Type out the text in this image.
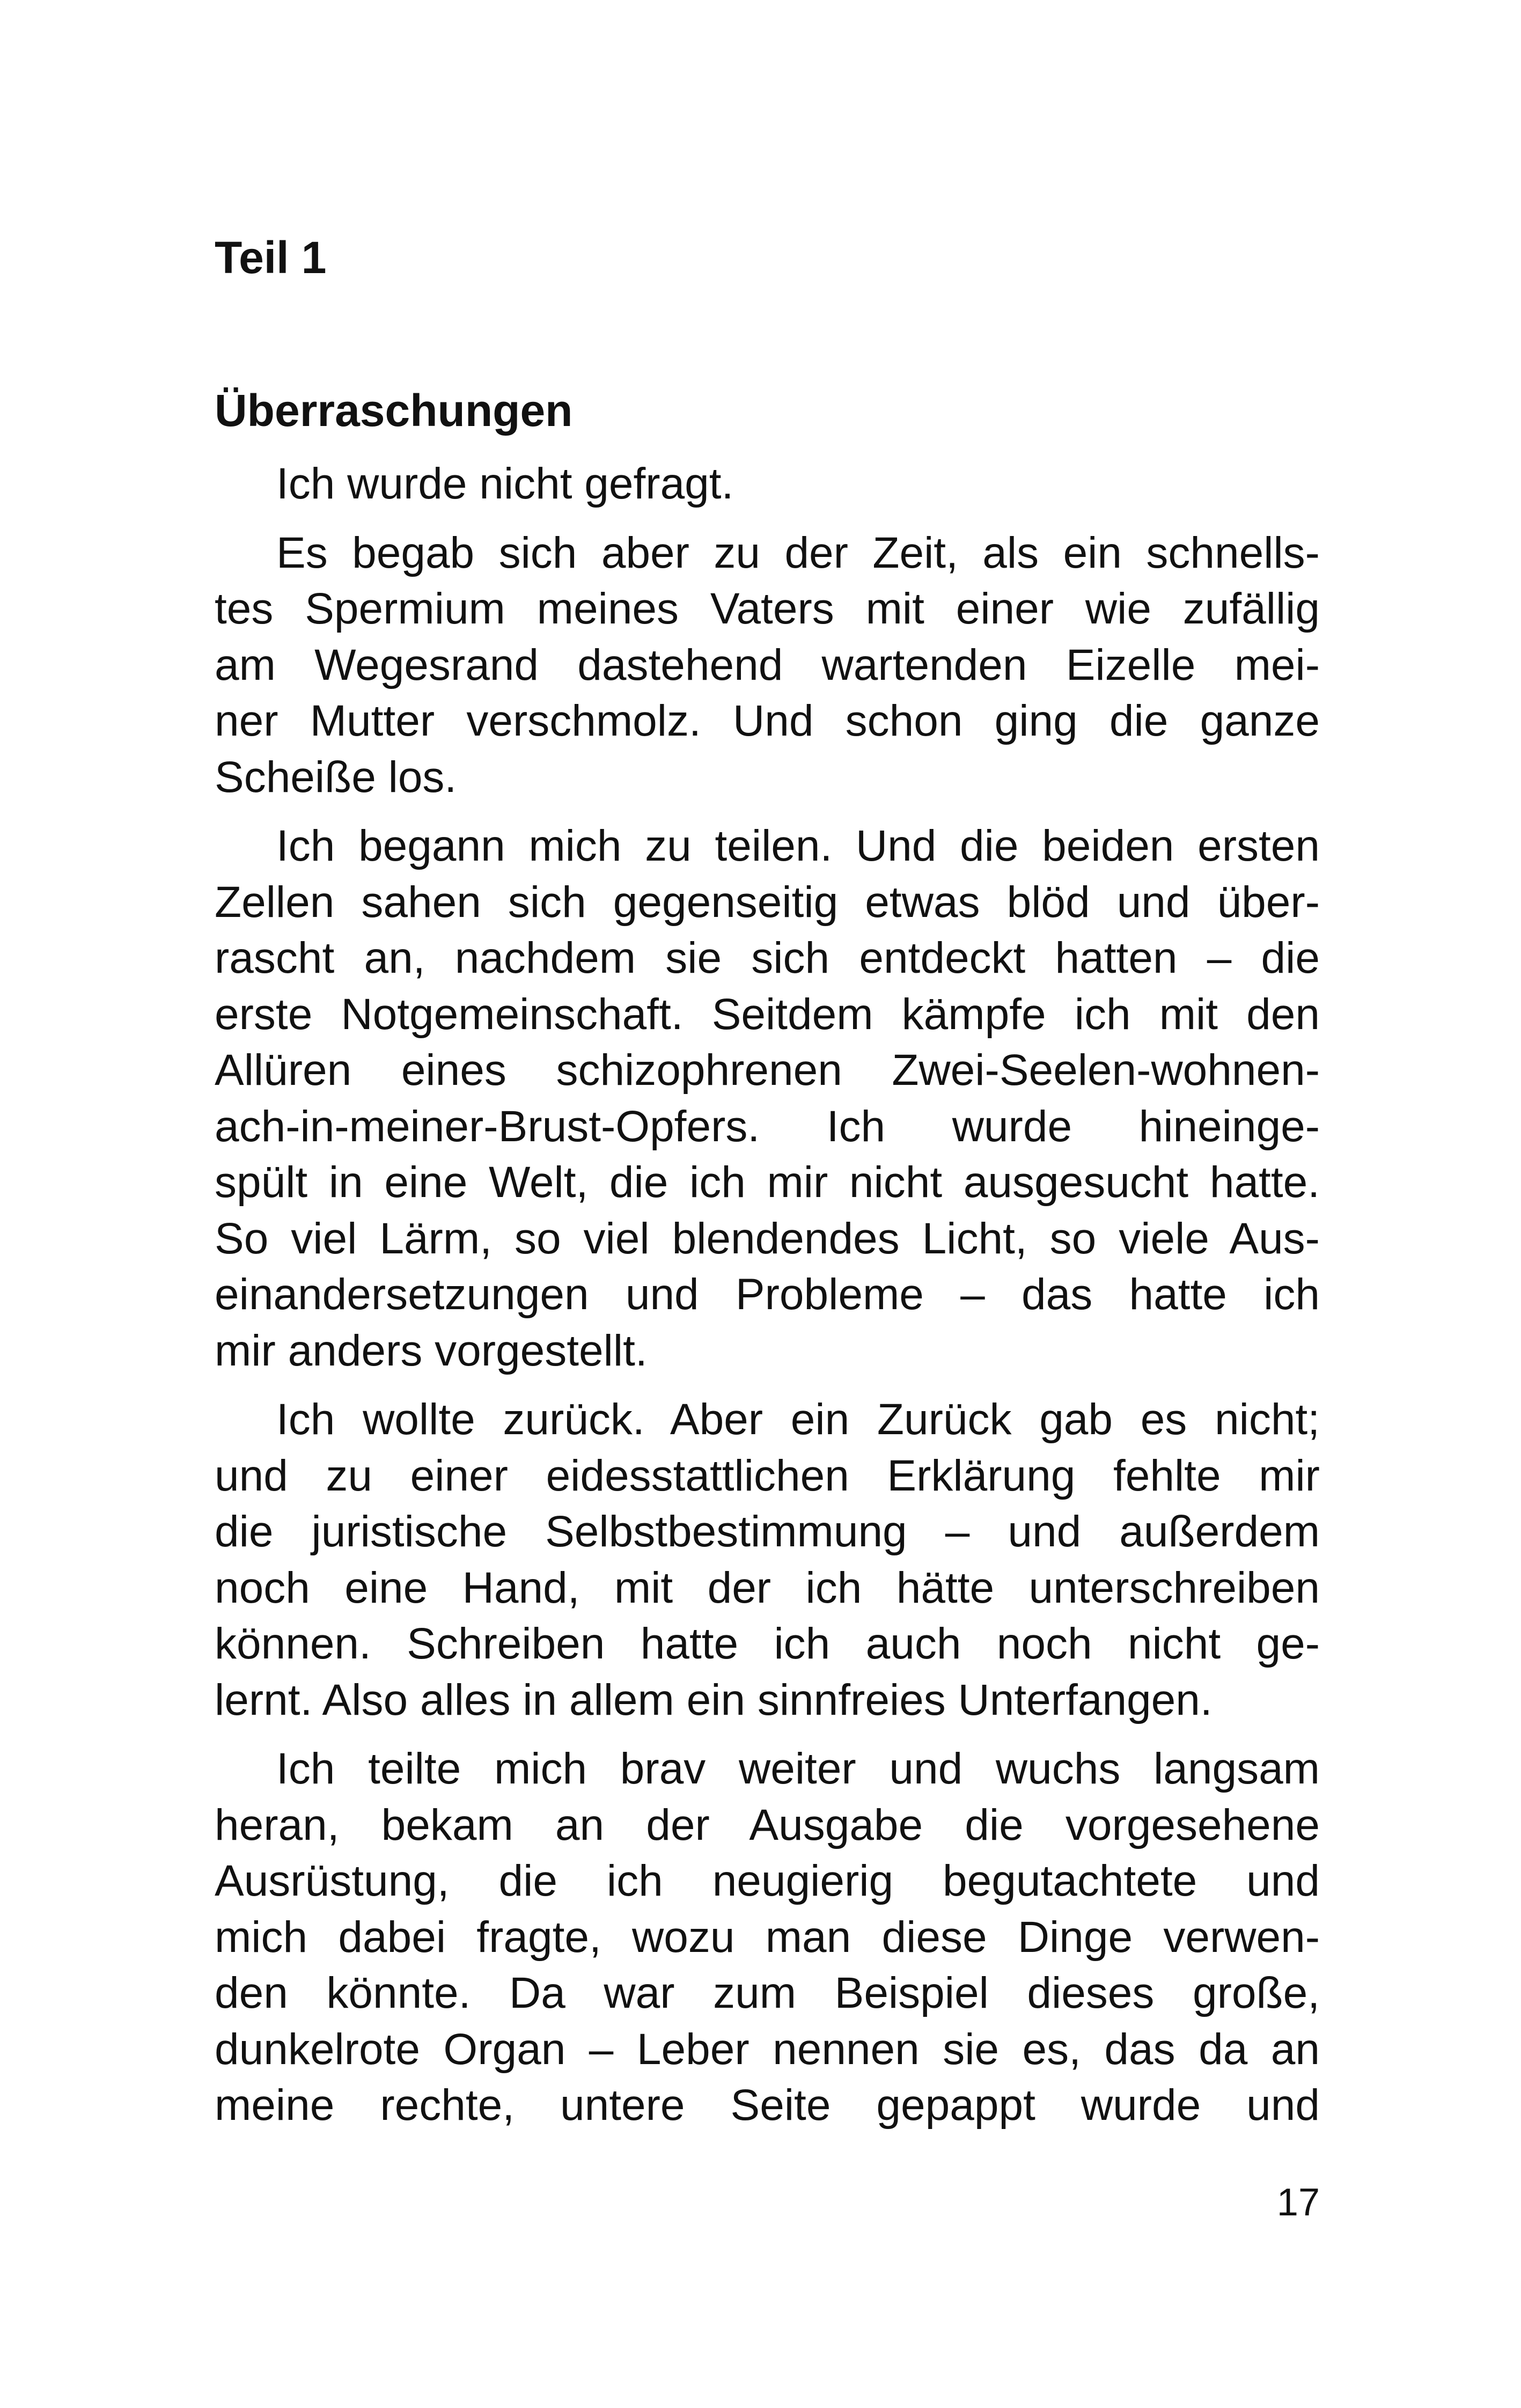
Teil 1
Überraschungen
Ich wurde nicht gefragt.
Es begab sich aber zu der Zeit, als ein schnells-
tes Spermium meines Vaters mit einer wie zufällig
am Wegesrand dastehend wartenden Eizelle mei-
ner Mutter verschmolz. Und schon ging die ganze
Scheiße los.
Ich begann mich zu teilen. Und die beiden ersten
Zellen sahen sich gegenseitig etwas blöd und über-
rascht an, nachdem sie sich entdeckt hatten – die
erste Notgemeinschaft. Seitdem kämpfe ich mit den
Allüren eines schizophrenen Zwei-Seelen-wohnen-
ach-in-meiner-Brust-Opfers. Ich wurde hineinge-
spült in eine Welt, die ich mir nicht ausgesucht hatte.
So viel Lärm, so viel blendendes Licht, so viele Aus-
einandersetzungen und Probleme – das hatte ich
mir anders vorgestellt.
Ich wollte zurück. Aber ein Zurück gab es nicht;
und zu einer eidesstattlichen Erklärung fehlte mir
die juristische Selbstbestimmung – und außerdem
noch eine Hand, mit der ich hätte unterschreiben
können. Schreiben hatte ich auch noch nicht ge-
lernt. Also alles in allem ein sinnfreies Unterfangen.
Ich teilte mich brav weiter und wuchs langsam
heran, bekam an der Ausgabe die vorgesehene
Ausrüstung, die ich neugierig begutachtete und
mich dabei fragte, wozu man diese Dinge verwen-
den könnte. Da war zum Beispiel dieses große,
dunkelrote Organ – Leber nennen sie es, das da an
meine rechte, untere Seite gepappt wurde und
17
